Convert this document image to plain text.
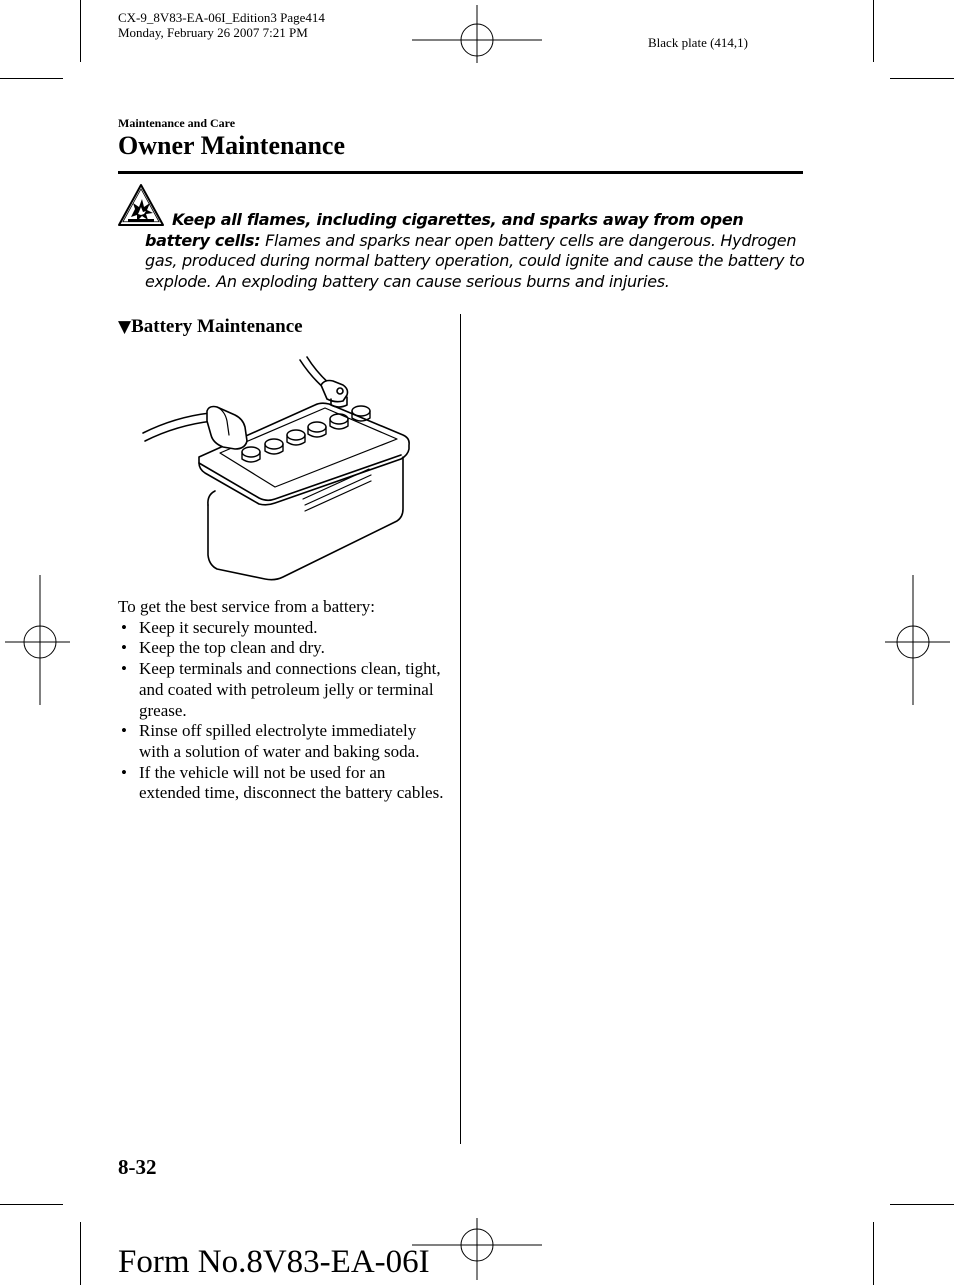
CX-9_8V83-EA-06I_Edition3 Page414
Monday, February 26 2007 7:21 PM
Black plate (414,1)
Maintenance and Care
Owner Maintenance
Keep all flames, including cigarettes, and sparks away from open battery cells: Flames and sparks near open battery cells are dangerous. Hydrogen gas, produced during normal battery operation, could ignite and cause the battery to explode. An exploding battery can cause serious burns and injuries.
▼Battery Maintenance
To get the best service from a battery:
• Keep it securely mounted.
• Keep the top clean and dry.
• Keep terminals and connections clean, tight, and coated with petroleum jelly or terminal grease.
• Rinse off spilled electrolyte immediately with a solution of water and baking soda.
• If the vehicle will not be used for an extended time, disconnect the battery cables.
8-32
Form No.8V83-EA-06I
